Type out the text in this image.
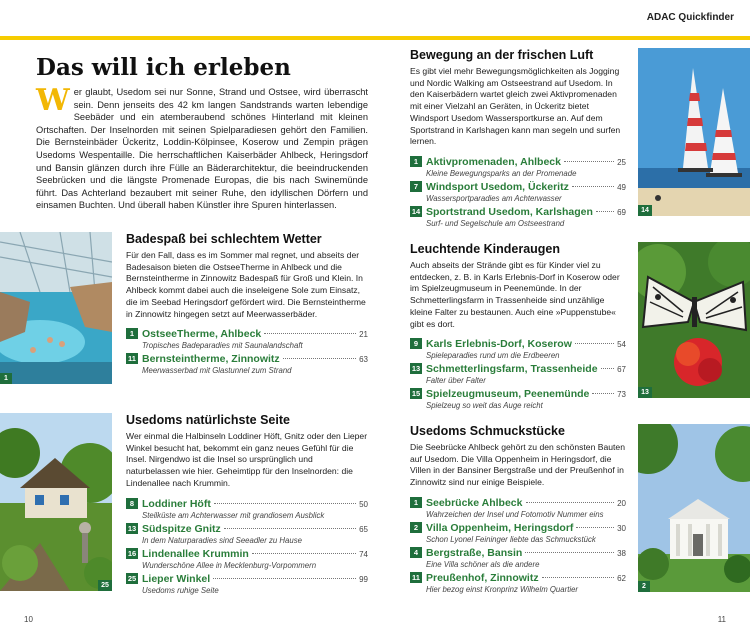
ADAC Quickfinder
Das will ich erleben
Wer glaubt, Usedom sei nur Sonne, Strand und Ostsee, wird überrascht sein. Denn jenseits des 42 km langen Sandstrands warten lebendige Seebäder und ein atemberaubend schönes Hinterland mit kleinen Ortschaften. Der Inselnorden mit seinen Spielparadiesen gehört den Familien. Die Bernsteinbäder Ückeritz, Loddin-Kölpinsee, Koserow und Zempin prägen Usedoms Wespentaille. Die herrschaftlichen Kaiserbäder Ahlbeck, Heringsdorf und Bansin glänzen durch ihre Fülle an Bäderarchitektur, die beeindruckenden Seebrücken und die längste Promenade Europas, die bis nach Swinemünde führt. Das Achterland bezaubert mit seiner Ruhe, den idyllischen Dörfern und einsamen Buchten. Und überall haben Künstler ihre Spuren hinterlassen.
1
Badespaß bei schlechtem Wetter
Für den Fall, dass es im Sommer mal regnet, und abseits der Badesaison bieten die OstseeTherme in Ahlbeck und die Bernsteintherme in Zinnowitz Badespaß für Groß und Klein. In Ahlbeck kommt dabei auch die inseleigene Sole zum Einsatz, die im Seebad Heringsdorf gefördert wird. Die Bernsteintherme in Zinnowitz hingegen setzt auf Meerwasserbäder.
1 OstseeTherme, Ahlbeck	21
Tropisches Badeparadies mit Saunalandschaft
11 Bernsteintherme, Zinnowitz	63
Meerwasserbad mit Glastunnel zum Strand
25
Usedoms natürlichste Seite
Wer einmal die Halbinseln Loddiner Höft, Gnitz oder den Lieper Winkel besucht hat, bekommt ein ganz neues Gefühl für die Insel. Nirgendwo ist die Insel so ursprünglich und naturbelassen wie hier. Geheimtipp für den Inselnorden: die Lindenallee nach Krummin.
8 Loddiner Höft	50
Steilküste am Achterwasser mit grandiosem Ausblick
13 Südspitze Gnitz	65
In dem Naturparadies sind Seeadler zu Hause
16 Lindenallee Krummin	74
Wunderschöne Allee in Mecklenburg-Vorpommern
25 Lieper Winkel	99
Usedoms ruhige Seite
Bewegung an der frischen Luft
Es gibt viel mehr Bewegungsmöglichkeiten als Jogging und Nordic Walking am Ostseestrand auf Usedom. In den Kaiserbädern wartet gleich zwei Aktivpromenaden mit einer Vielzahl an Geräten, in Ückeritz bietet Windsport Usedom Wassersportkurse an. Auf dem Sportstrand in Karlshagen kann man segeln und surfen lernen.
1 Aktivpromenaden, Ahlbeck	25
Kleine Bewegungsparks an der Promenade
7 Windsport Usedom, Ückeritz	49
Wassersportparadies am Achterwasser
14 Sportstrand Usedom, Karlshagen	69
Surf- und Segelschule am Ostseestrand
14
Leuchtende Kinderaugen
Auch abseits der Strände gibt es für Kinder viel zu entdecken, z. B. in Karls Erlebnis-Dorf in Koserow oder im Spielzeugmuseum in Peenemünde. In der Schmetterlingsfarm in Trassenheide sind unzählige kleine Falter zu bestaunen. Auch eine »Puppenstube« gibt es dort.
9 Karls Erlebnis-Dorf, Koserow	54
Spieleparadies rund um die Erdbeeren
13 Schmetterlingsfarm, Trassenheide 67
Falter über Falter
15 Spielzeugmuseum, Peenemünde	73
Spielzeug so weit das Auge reicht
13
Usedoms Schmuckstücke
Die Seebrücke Ahlbeck gehört zu den schönsten Bauten auf Usedom. Die Villa Oppenheim in Heringsdorf, die Villen in der Bansiner Bergstraße und der Preußenhof in Zinnowitz sind nur einige Beispiele.
1 Seebrücke Ahlbeck	20
Wahrzeichen der Insel und Fotomotiv Nummer eins
2 Villa Oppenheim, Heringsdorf	30
Schon Lyonel Feininger liebte das Schmuckstück
4 Bergstraße, Bansin	38
Eine Villa schöner als die andere
11 Preußenhof, Zinnowitz	62
Hier bezog einst Kronprinz Wilhelm Quartier	2
10	11
